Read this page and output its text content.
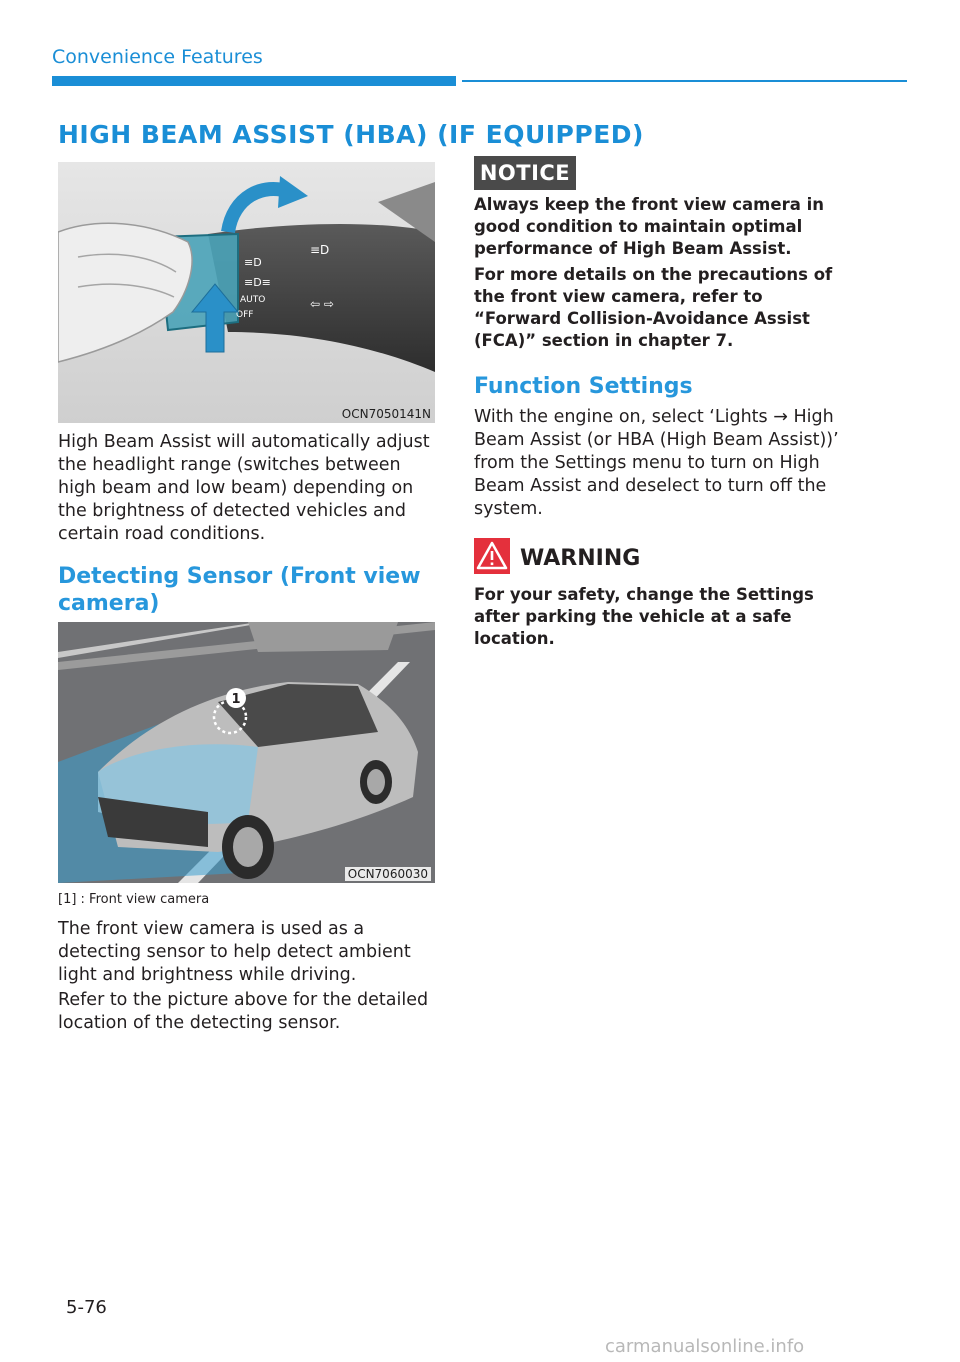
Convenience Features
HIGH BEAM ASSIST (HBA) (IF EQUIPPED)
≡D
≡D≡
AUTO
OFF
≡D
⇦ ⇨
OCN7050141N
High Beam Assist will automatically adjust the headlight range (switches between high beam and low beam) depending on the brightness of detected vehicles and certain road conditions.
Detecting Sensor (Front view camera)
1
OCN7060030
[1] : Front view camera
The front view camera is used as a detecting sensor to help detect ambient light and brightness while driving.
Refer to the picture above for the detailed location of the detecting sensor.
NOTICE
Always keep the front view camera in good condition to maintain optimal performance of High Beam Assist.
For more details on the precautions of the front view camera, refer to “Forward Collision-Avoidance Assist (FCA)” section in chapter 7.
Function Settings
With the engine on, select ‘Lights → High Beam Assist (or HBA (High Beam Assist))’ from the Settings menu to turn on High Beam Assist and deselect to turn off the system.
WARNING
For your safety, change the Settings after parking the vehicle at a safe location.
5-76
carmanualsonline.info
